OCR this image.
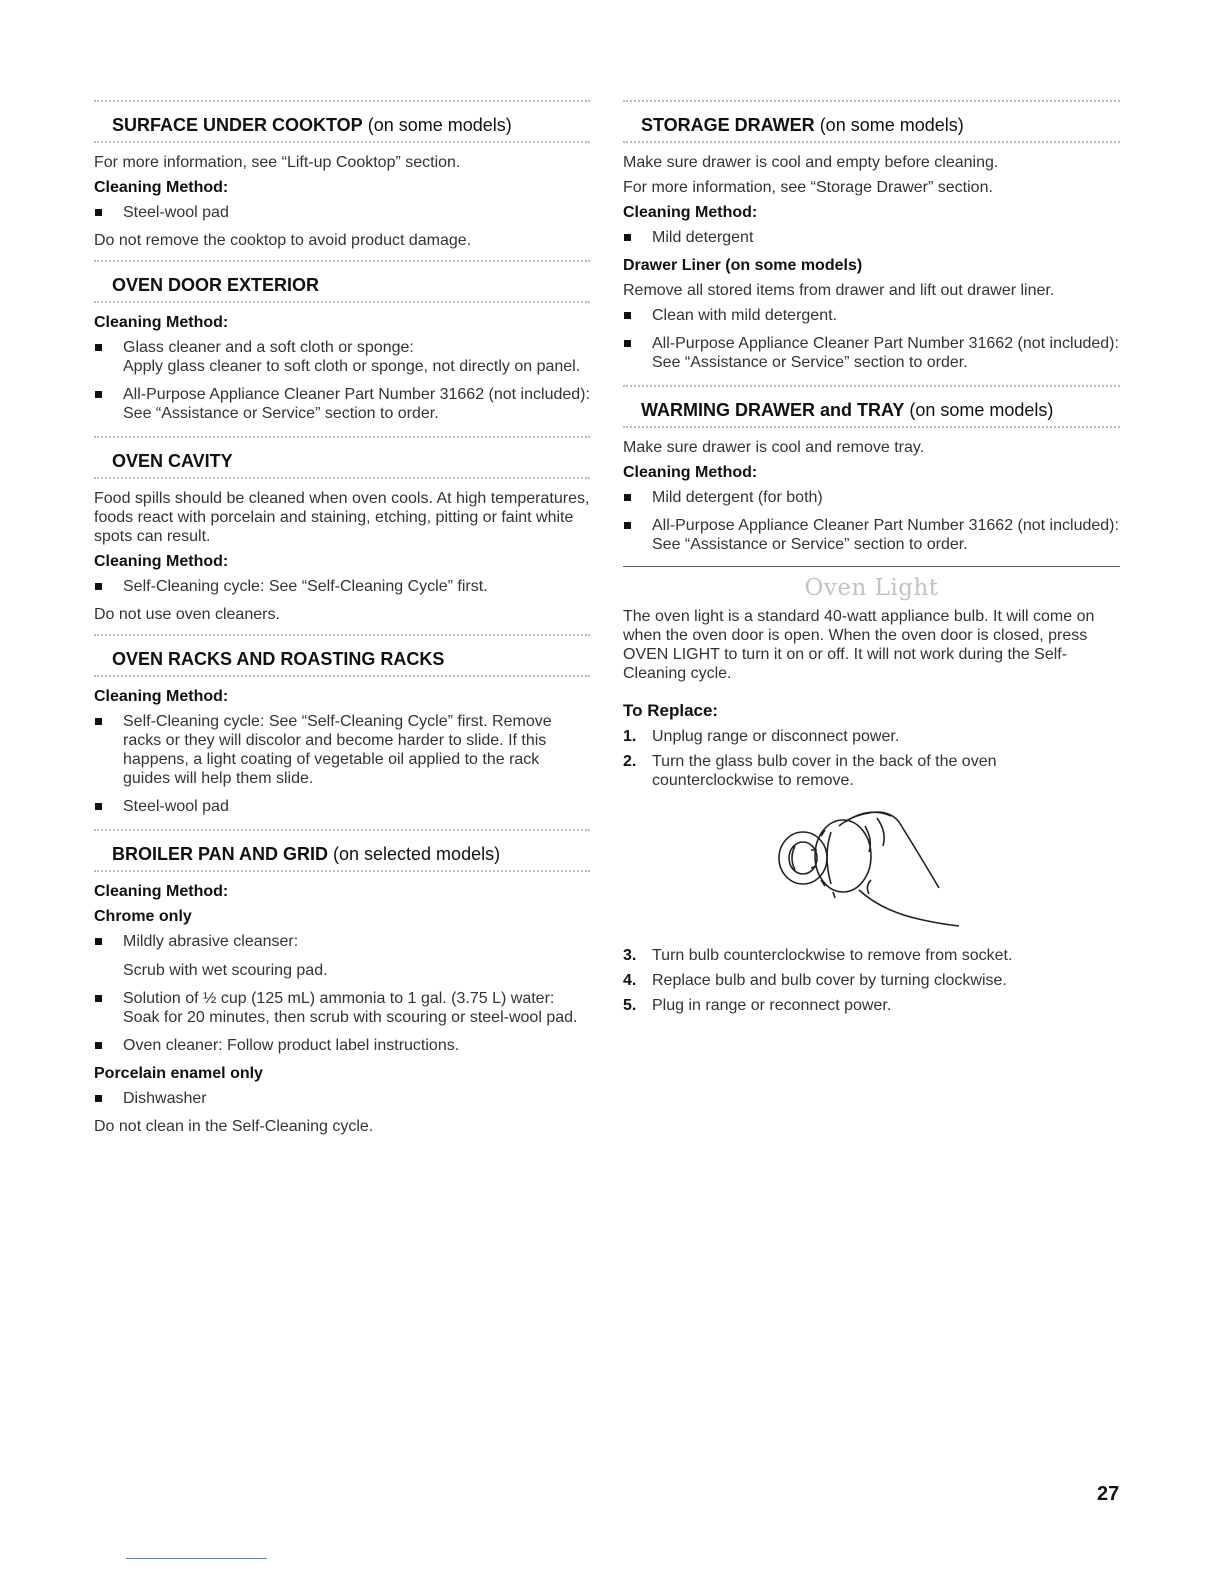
SURFACE UNDER COOKTOP (on some models)
For more information, see “Lift-up Cooktop” section.
Cleaning Method:
Steel-wool pad
Do not remove the cooktop to avoid product damage.
OVEN DOOR EXTERIOR
Cleaning Method:
Glass cleaner and a soft cloth or sponge:
Apply glass cleaner to soft cloth or sponge, not directly on panel.
All-Purpose Appliance Cleaner Part Number 31662 (not included):
See “Assistance or Service” section to order.
OVEN CAVITY
Food spills should be cleaned when oven cools. At high temperatures, foods react with porcelain and staining, etching, pitting or faint white spots can result.
Cleaning Method:
Self-Cleaning cycle: See “Self-Cleaning Cycle” first.
Do not use oven cleaners.
OVEN RACKS AND ROASTING RACKS
Cleaning Method:
Self-Cleaning cycle: See “Self-Cleaning Cycle” first. Remove racks or they will discolor and become harder to slide. If this happens, a light coating of vegetable oil applied to the rack guides will help them slide.
Steel-wool pad
BROILER PAN AND GRID (on selected models)
Cleaning Method:
Chrome only
Mildly abrasive cleanser:
Scrub with wet scouring pad.
Solution of ½ cup (125 mL) ammonia to 1 gal. (3.75 L) water:
Soak for 20 minutes, then scrub with scouring or steel-wool pad.
Oven cleaner: Follow product label instructions.
Porcelain enamel only
Dishwasher
Do not clean in the Self-Cleaning cycle.
STORAGE DRAWER (on some models)
Make sure drawer is cool and empty before cleaning.
For more information, see “Storage Drawer” section.
Cleaning Method:
Mild detergent
Drawer Liner (on some models)
Remove all stored items from drawer and lift out drawer liner.
Clean with mild detergent.
All-Purpose Appliance Cleaner Part Number 31662 (not included):
See “Assistance or Service” section to order.
WARMING DRAWER and TRAY (on some models)
Make sure drawer is cool and remove tray.
Cleaning Method:
Mild detergent (for both)
All-Purpose Appliance Cleaner Part Number 31662 (not included):
See “Assistance or Service” section to order.
Oven Light
The oven light is a standard 40-watt appliance bulb. It will come on when the oven door is open. When the oven door is closed, press OVEN LIGHT to turn it on or off. It will not work during the Self-Cleaning cycle.
To Replace:
1. Unplug range or disconnect power.
2. Turn the glass bulb cover in the back of the oven counterclockwise to remove.
3. Turn bulb counterclockwise to remove from socket.
4. Replace bulb and bulb cover by turning clockwise.
5. Plug in range or reconnect power.
27
